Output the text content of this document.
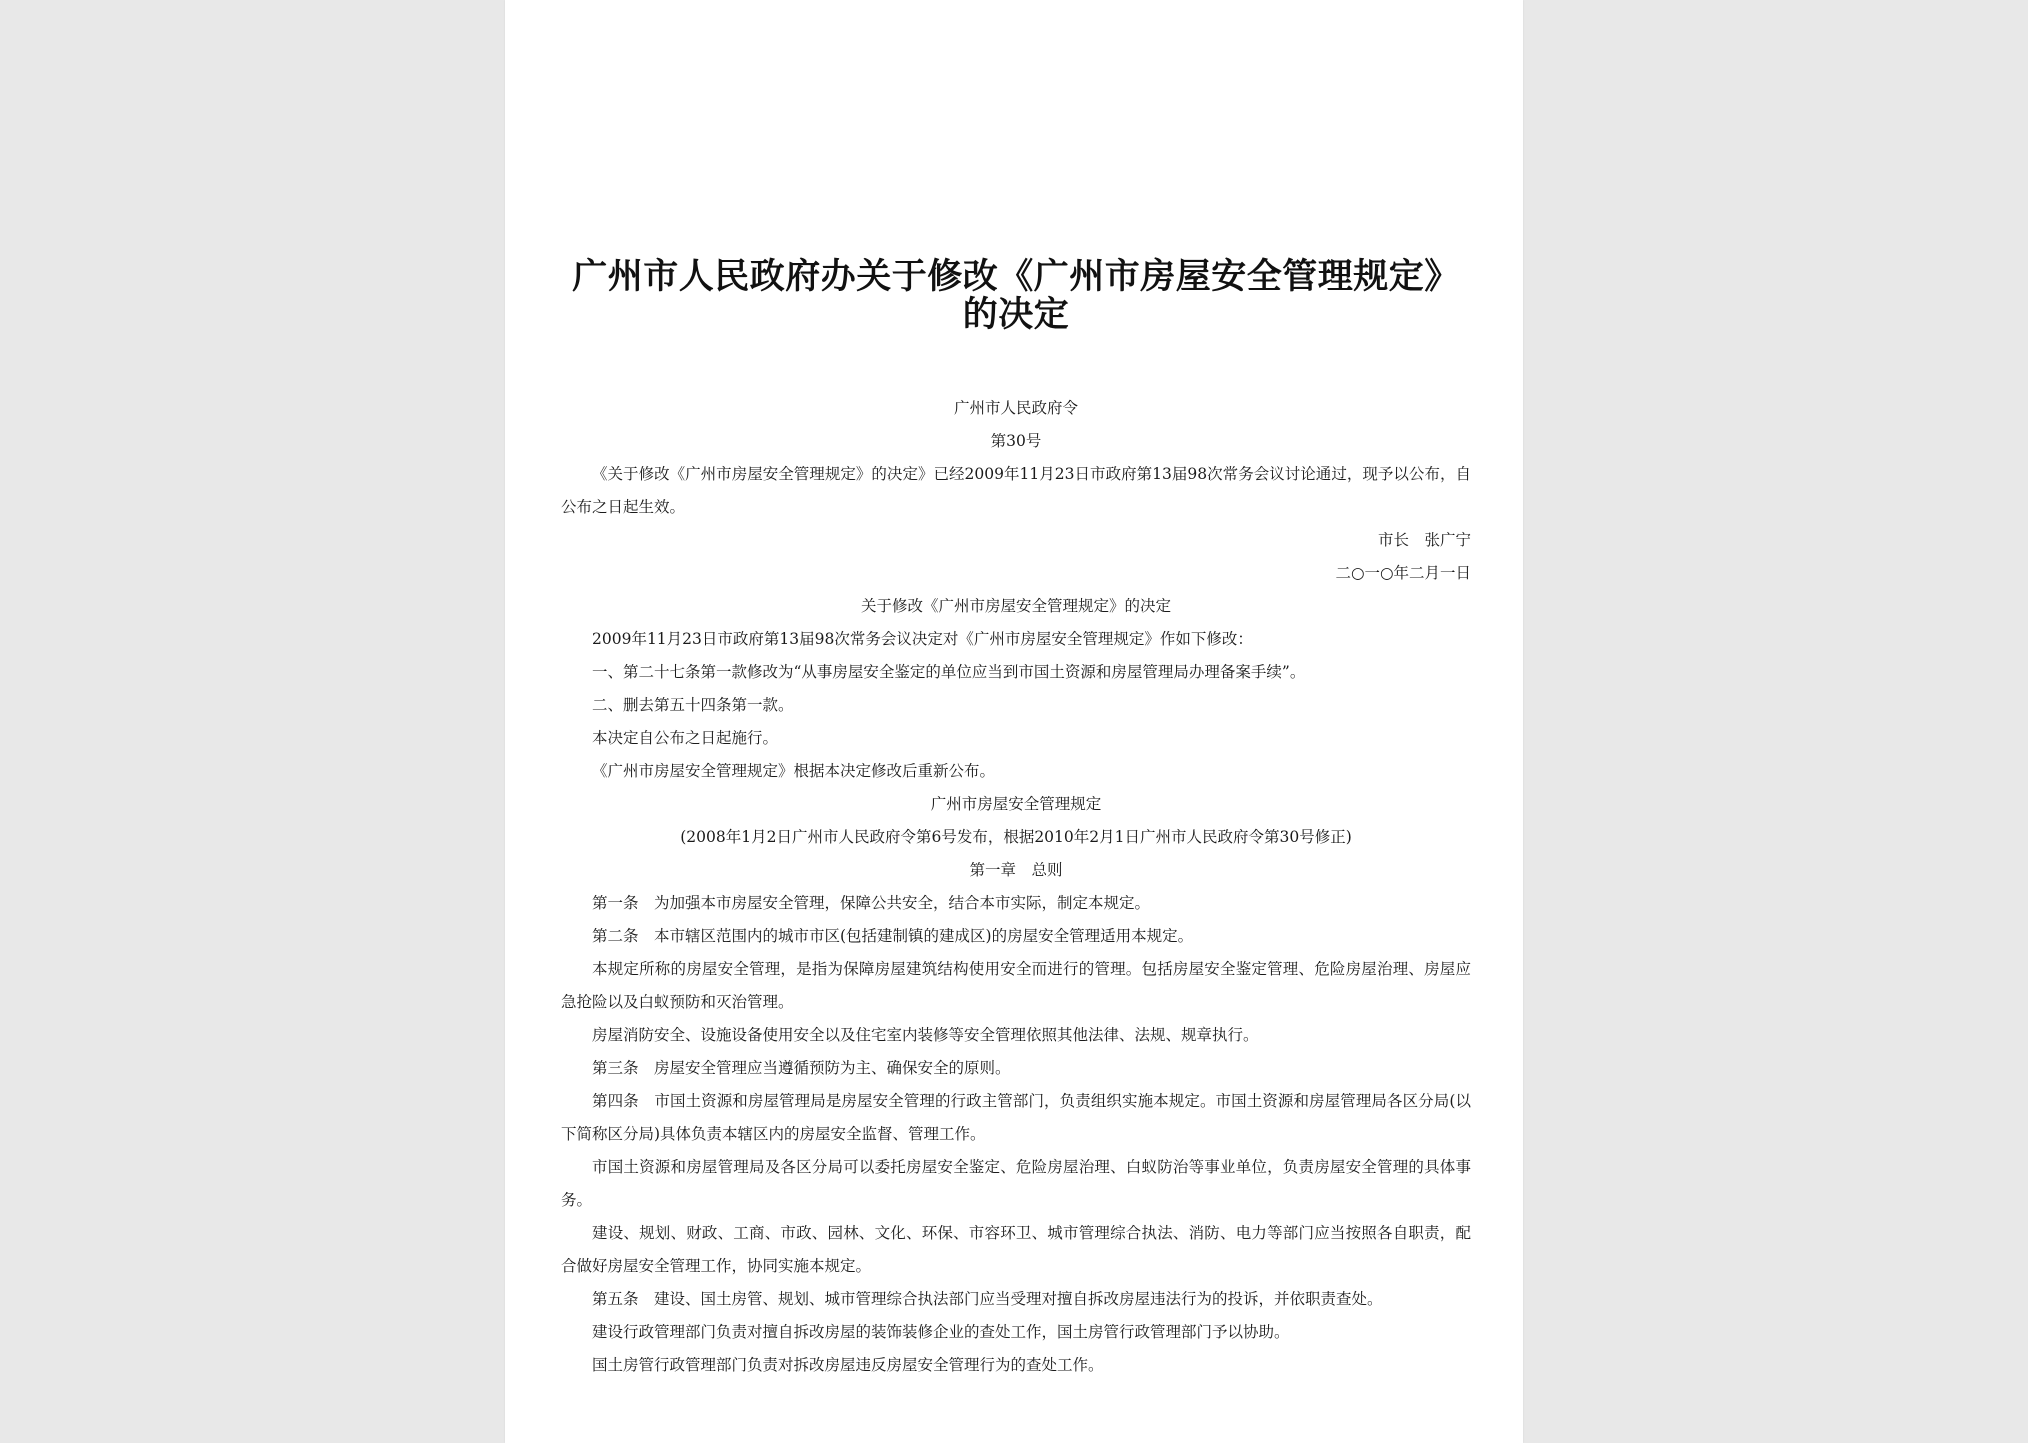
广州市人民政府办关于修改《广州市房屋安全管理规定》的决定
广州市人民政府令
第30号
《关于修改《广州市房屋安全管理规定》的决定》已经2009年11月23日市政府第13届98次常务会议讨论通过，现予以公布，自公布之日起生效。
市长　张广宁
二○一○年二月一日
关于修改《广州市房屋安全管理规定》的决定
2009年11月23日市政府第13届98次常务会议决定对《广州市房屋安全管理规定》作如下修改：
一、第二十七条第一款修改为“从事房屋安全鉴定的单位应当到市国土资源和房屋管理局办理备案手续”。
二、删去第五十四条第一款。
本决定自公布之日起施行。
《广州市房屋安全管理规定》根据本决定修改后重新公布。
广州市房屋安全管理规定
(2008年1月2日广州市人民政府令第6号发布，根据2010年2月1日广州市人民政府令第30号修正)
第一章　总则
第一条　为加强本市房屋安全管理，保障公共安全，结合本市实际，制定本规定。
第二条　本市辖区范围内的城市市区(包括建制镇的建成区)的房屋安全管理适用本规定。
本规定所称的房屋安全管理，是指为保障房屋建筑结构使用安全而进行的管理。包括房屋安全鉴定管理、危险房屋治理、房屋应急抢险以及白蚁预防和灭治管理。
房屋消防安全、设施设备使用安全以及住宅室内装修等安全管理依照其他法律、法规、规章执行。
第三条　房屋安全管理应当遵循预防为主、确保安全的原则。
第四条　市国土资源和房屋管理局是房屋安全管理的行政主管部门，负责组织实施本规定。市国土资源和房屋管理局各区分局(以下简称区分局)具体负责本辖区内的房屋安全监督、管理工作。
市国土资源和房屋管理局及各区分局可以委托房屋安全鉴定、危险房屋治理、白蚁防治等事业单位，负责房屋安全管理的具体事务。
建设、规划、财政、工商、市政、园林、文化、环保、市容环卫、城市管理综合执法、消防、电力等部门应当按照各自职责，配合做好房屋安全管理工作，协同实施本规定。
第五条　建设、国土房管、规划、城市管理综合执法部门应当受理对擅自拆改房屋违法行为的投诉，并依职责查处。
建设行政管理部门负责对擅自拆改房屋的装饰装修企业的查处工作，国土房管行政管理部门予以协助。
国土房管行政管理部门负责对拆改房屋违反房屋安全管理行为的查处工作。
